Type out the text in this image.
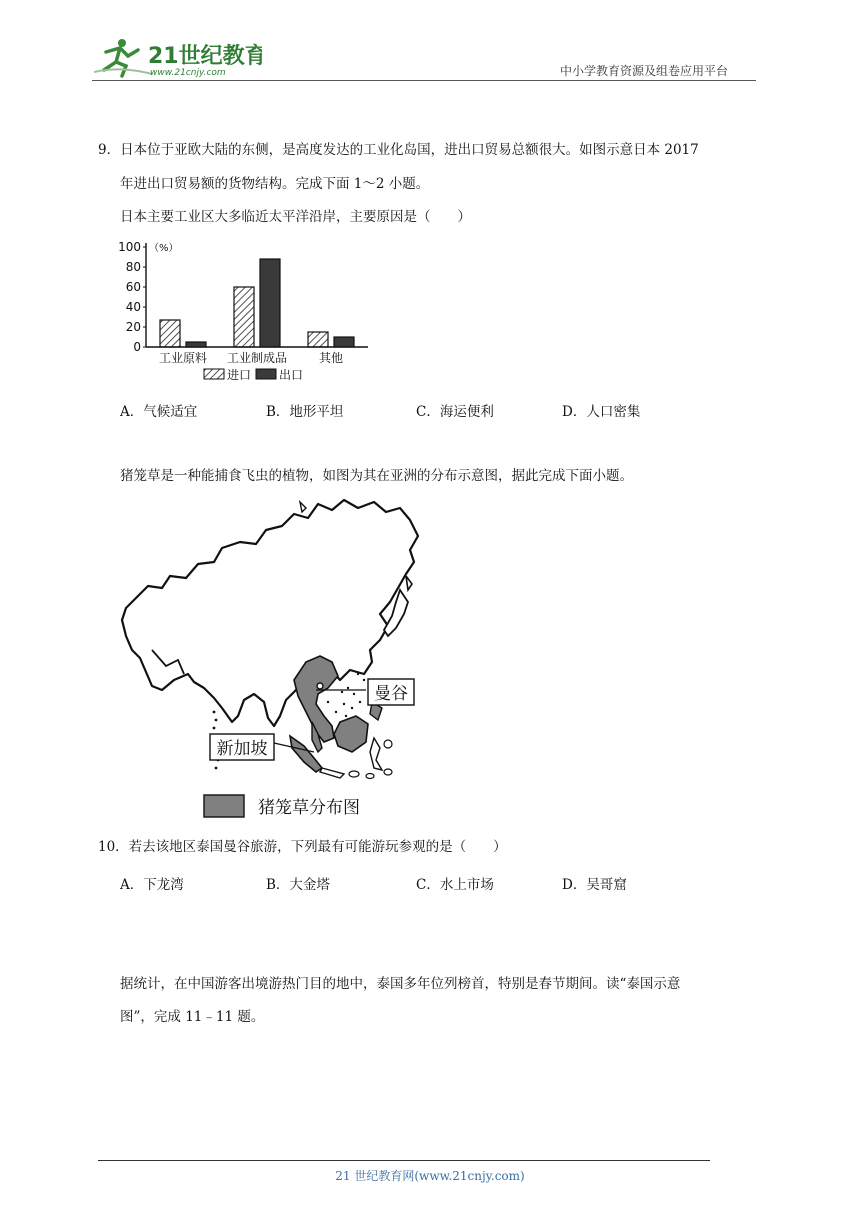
21世纪教育
www.21cnjy.com	中小学教育资源及组卷应用平台
9．日本位于亚欧大陆的东侧，是高度发达的工业化岛国，进出口贸易总额很大。如图示意日本 2017
年进出口贸易额的货物结构。完成下面 1～2 小题。
日本主要工业区大多临近太平洋沿岸，主要原因是（　　）
0
20
40
60
80
100 （%）
工业原料 工业制成品	其他
进口 出口
A．气候适宜	B．地形平坦	C．海运便利	D．人口密集
猪笼草是一种能捕食飞虫的植物，如图为其在亚洲的分布示意图，据此完成下面小题。
曼谷
新加坡
猪笼草分布图
10．若去该地区泰国曼谷旅游，下列最有可能游玩参观的是（　　）
A．下龙湾	B．大金塔	C．水上市场	D．吴哥窟
据统计，在中国游客出境游热门目的地中，泰国多年位列榜首，特别是春节期间。读“泰国示意
图”，完成 11﹣11 题。
21 世纪教育网(www.21cnjy.com)
